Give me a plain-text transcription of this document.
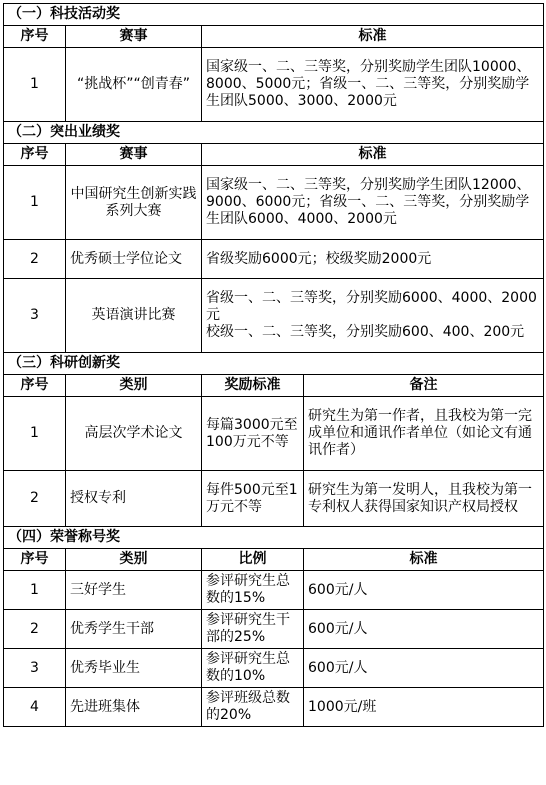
（一）科技活动奖			
序号	赛事	标准	
1	“挑战杯”“创青春”	国家级一、二、三等奖，分别奖励学生团队10000、8000、5000元；省级一、二、三等奖，分别奖励学生团队5000、3000、2000元	
（二）突出业绩奖			
序号	赛事	标准	
1	中国研究生创新实践系列大赛	国家级一、二、三等奖，分别奖励学生团队12000、9000、6000元；省级一、二、三等奖，分别奖励学生团队6000、4000、2000元	
2	优秀硕士学位论文	省级奖励6000元；校级奖励2000元	
3	英语演讲比赛	省级一、二、三等奖，分别奖励6000、4000、2000元
校级一、二、三等奖，分别奖励600、400、200元	

（三）科研创新奖			
序号	类别	奖励标准	备注
1	高层次学术论文	每篇3000元至100万元不等	研究生为第一作者，且我校为第一完成单位和通讯作者单位（如论文有通讯作者）
2	授权专利	每件500元至1万元不等	研究生为第一发明人，且我校为第一专利权人获得国家知识产权局授权
（四）荣誉称号奖			
序号	类别	比例	标准
1	三好学生	参评研究生总数的15%	600元/人
2	优秀学生干部	参评研究生干部的25%	600元/人
3	优秀毕业生	参评研究生总数的10%	600元/人
4	先进班集体	参评班级总数的20%	1000元/班
